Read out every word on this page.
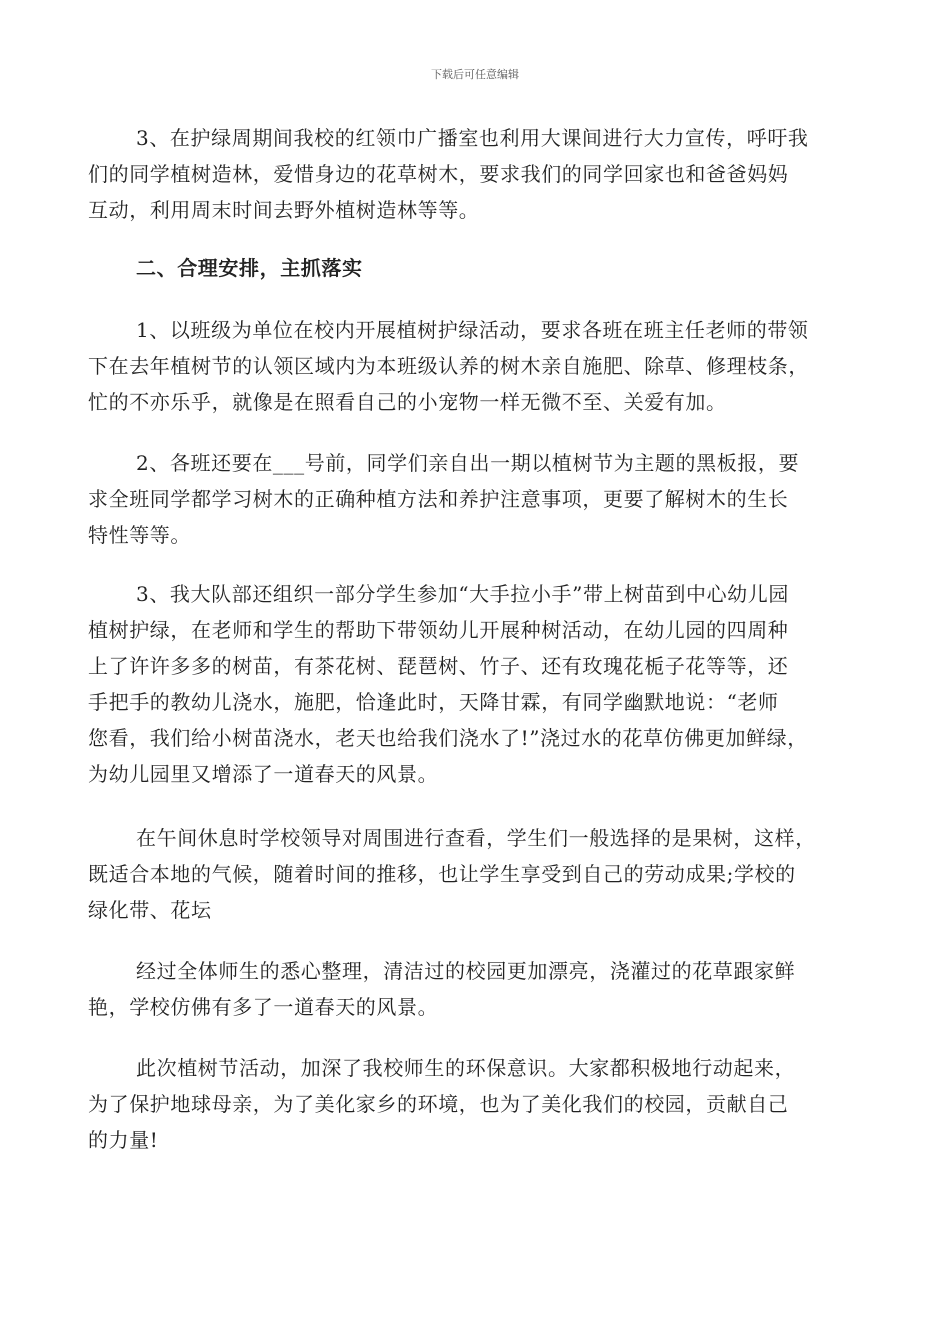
下载后可任意编辑
3、在护绿周期间我校的红领巾广播室也利用大课间进行大力宣传，呼吁我
们的同学植树造林，爱惜身边的花草树木，要求我们的同学回家也和爸爸妈妈
互动，利用周末时间去野外植树造林等等。
二、合理安排，主抓落实
1、以班级为单位在校内开展植树护绿活动，要求各班在班主任老师的带领
下在去年植树节的认领区域内为本班级认养的树木亲自施肥、除草、修理枝条，
忙的不亦乐乎，就像是在照看自己的小宠物一样无微不至、关爱有加。
2、各班还要在___号前，同学们亲自出一期以植树节为主题的黑板报，要
求全班同学都学习树木的正确种植方法和养护注意事项，更要了解树木的生长
特性等等。
3、我大队部还组织一部分学生参加“大手拉小手”带上树苗到中心幼儿园
植树护绿，在老师和学生的帮助下带领幼儿开展种树活动，在幼儿园的四周种
上了许许多多的树苗，有茶花树、琵琶树、竹子、还有玫瑰花栀子花等等，还
手把手的教幼儿浇水，施肥，恰逢此时，天降甘霖，有同学幽默地说：“老师
您看，我们给小树苗浇水，老天也给我们浇水了!”浇过水的花草仿佛更加鲜绿，
为幼儿园里又增添了一道春天的风景。
在午间休息时学校领导对周围进行查看，学生们一般选择的是果树，这样，
既适合本地的气候，随着时间的推移，也让学生享受到自己的劳动成果;学校的
绿化带、花坛
经过全体师生的悉心整理，清洁过的校园更加漂亮，浇灌过的花草跟家鲜
艳，学校仿佛有多了一道春天的风景。
此次植树节活动，加深了我校师生的环保意识。大家都积极地行动起来，
为了保护地球母亲，为了美化家乡的环境，也为了美化我们的校园，贡献自己
的力量!
